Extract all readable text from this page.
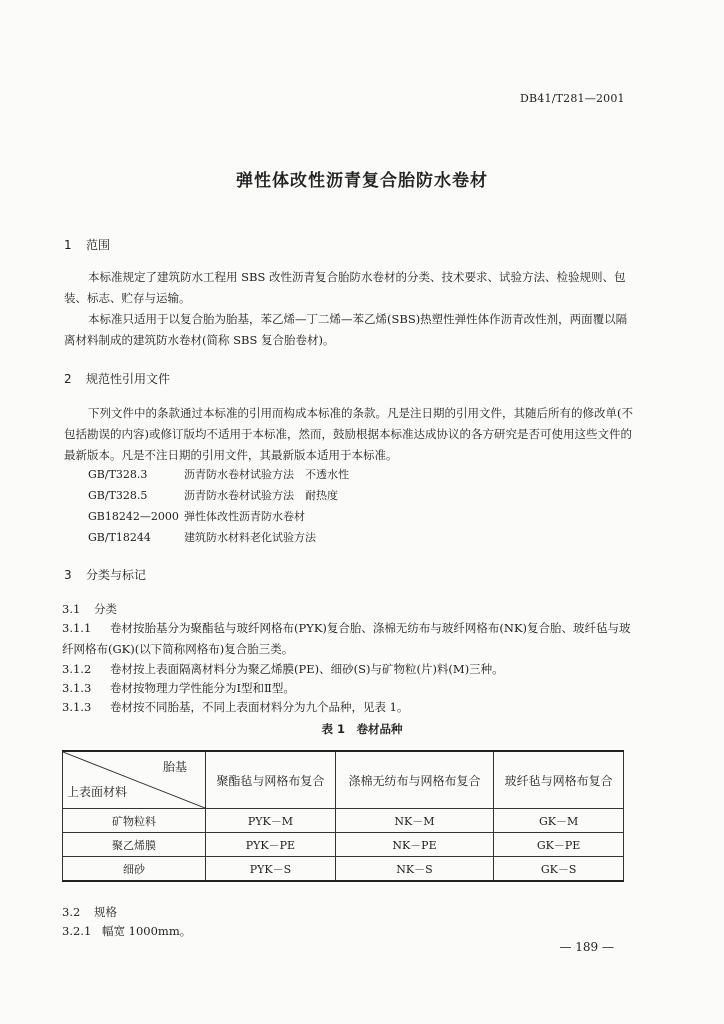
DB41/T281—2001
弹性体改性沥青复合胎防水卷材
1 范围
本标准规定了建筑防水工程用 SBS 改性沥青复合胎防水卷材的分类、技术要求、试验方法、检验规则、包装、标志、贮存与运输。
本标准只适用于以复合胎为胎基，苯乙烯—丁二烯—苯乙烯(SBS)热塑性弹性体作沥青改性剂，两面覆以隔离材料制成的建筑防水卷材(简称 SBS 复合胎卷材)。
2 规范性引用文件
下列文件中的条款通过本标准的引用而构成本标准的条款。凡是注日期的引用文件，其随后所有的修改单(不包括勘误的内容)或修订版均不适用于本标准，然而，鼓励根据本标准达成协议的各方研究是否可使用这些文件的最新版本。凡是不注日期的引用文件，其最新版本适用于本标准。
GB/T328.3	沥青防水卷材试验方法　不透水性
GB/T328.5	沥青防水卷材试验方法　耐热度
GB18242—2000 弹性体改性沥青防水卷材
GB/T18244	建筑防水材料老化试验方法
3 分类与标记
3.1 分类
3.1.1 卷材按胎基分为聚酯毡与玻纤网格布(PYK)复合胎、涤棉无纺布与玻纤网格布(NK)复合胎、玻纤毡与玻纤网格布(GK)(以下简称网格布)复合胎三类。
3.1.2 卷材按上表面隔离材料分为聚乙烯膜(PE)、细砂(S)与矿物粒(片)料(M)三种。
3.1.3 卷材按物理力学性能分为Ⅰ型和Ⅱ型。
3.1.3 卷材按不同胎基，不同上表面材料分为九个品种，见表 1。
表 1　卷材品种
胎基
上表面材料	聚酯毡与网格布复合	涤棉无纺布与网格布复合	玻纤毡与网格布复合
矿物粒料	PYK－M	NK－M	GK－M
聚乙烯膜	PYK－PE	NK－PE	GK－PE
细砂	PYK－S	NK－S	GK－S
3.2 规格
3.2.1 幅宽 1000mm。
— 189 —
